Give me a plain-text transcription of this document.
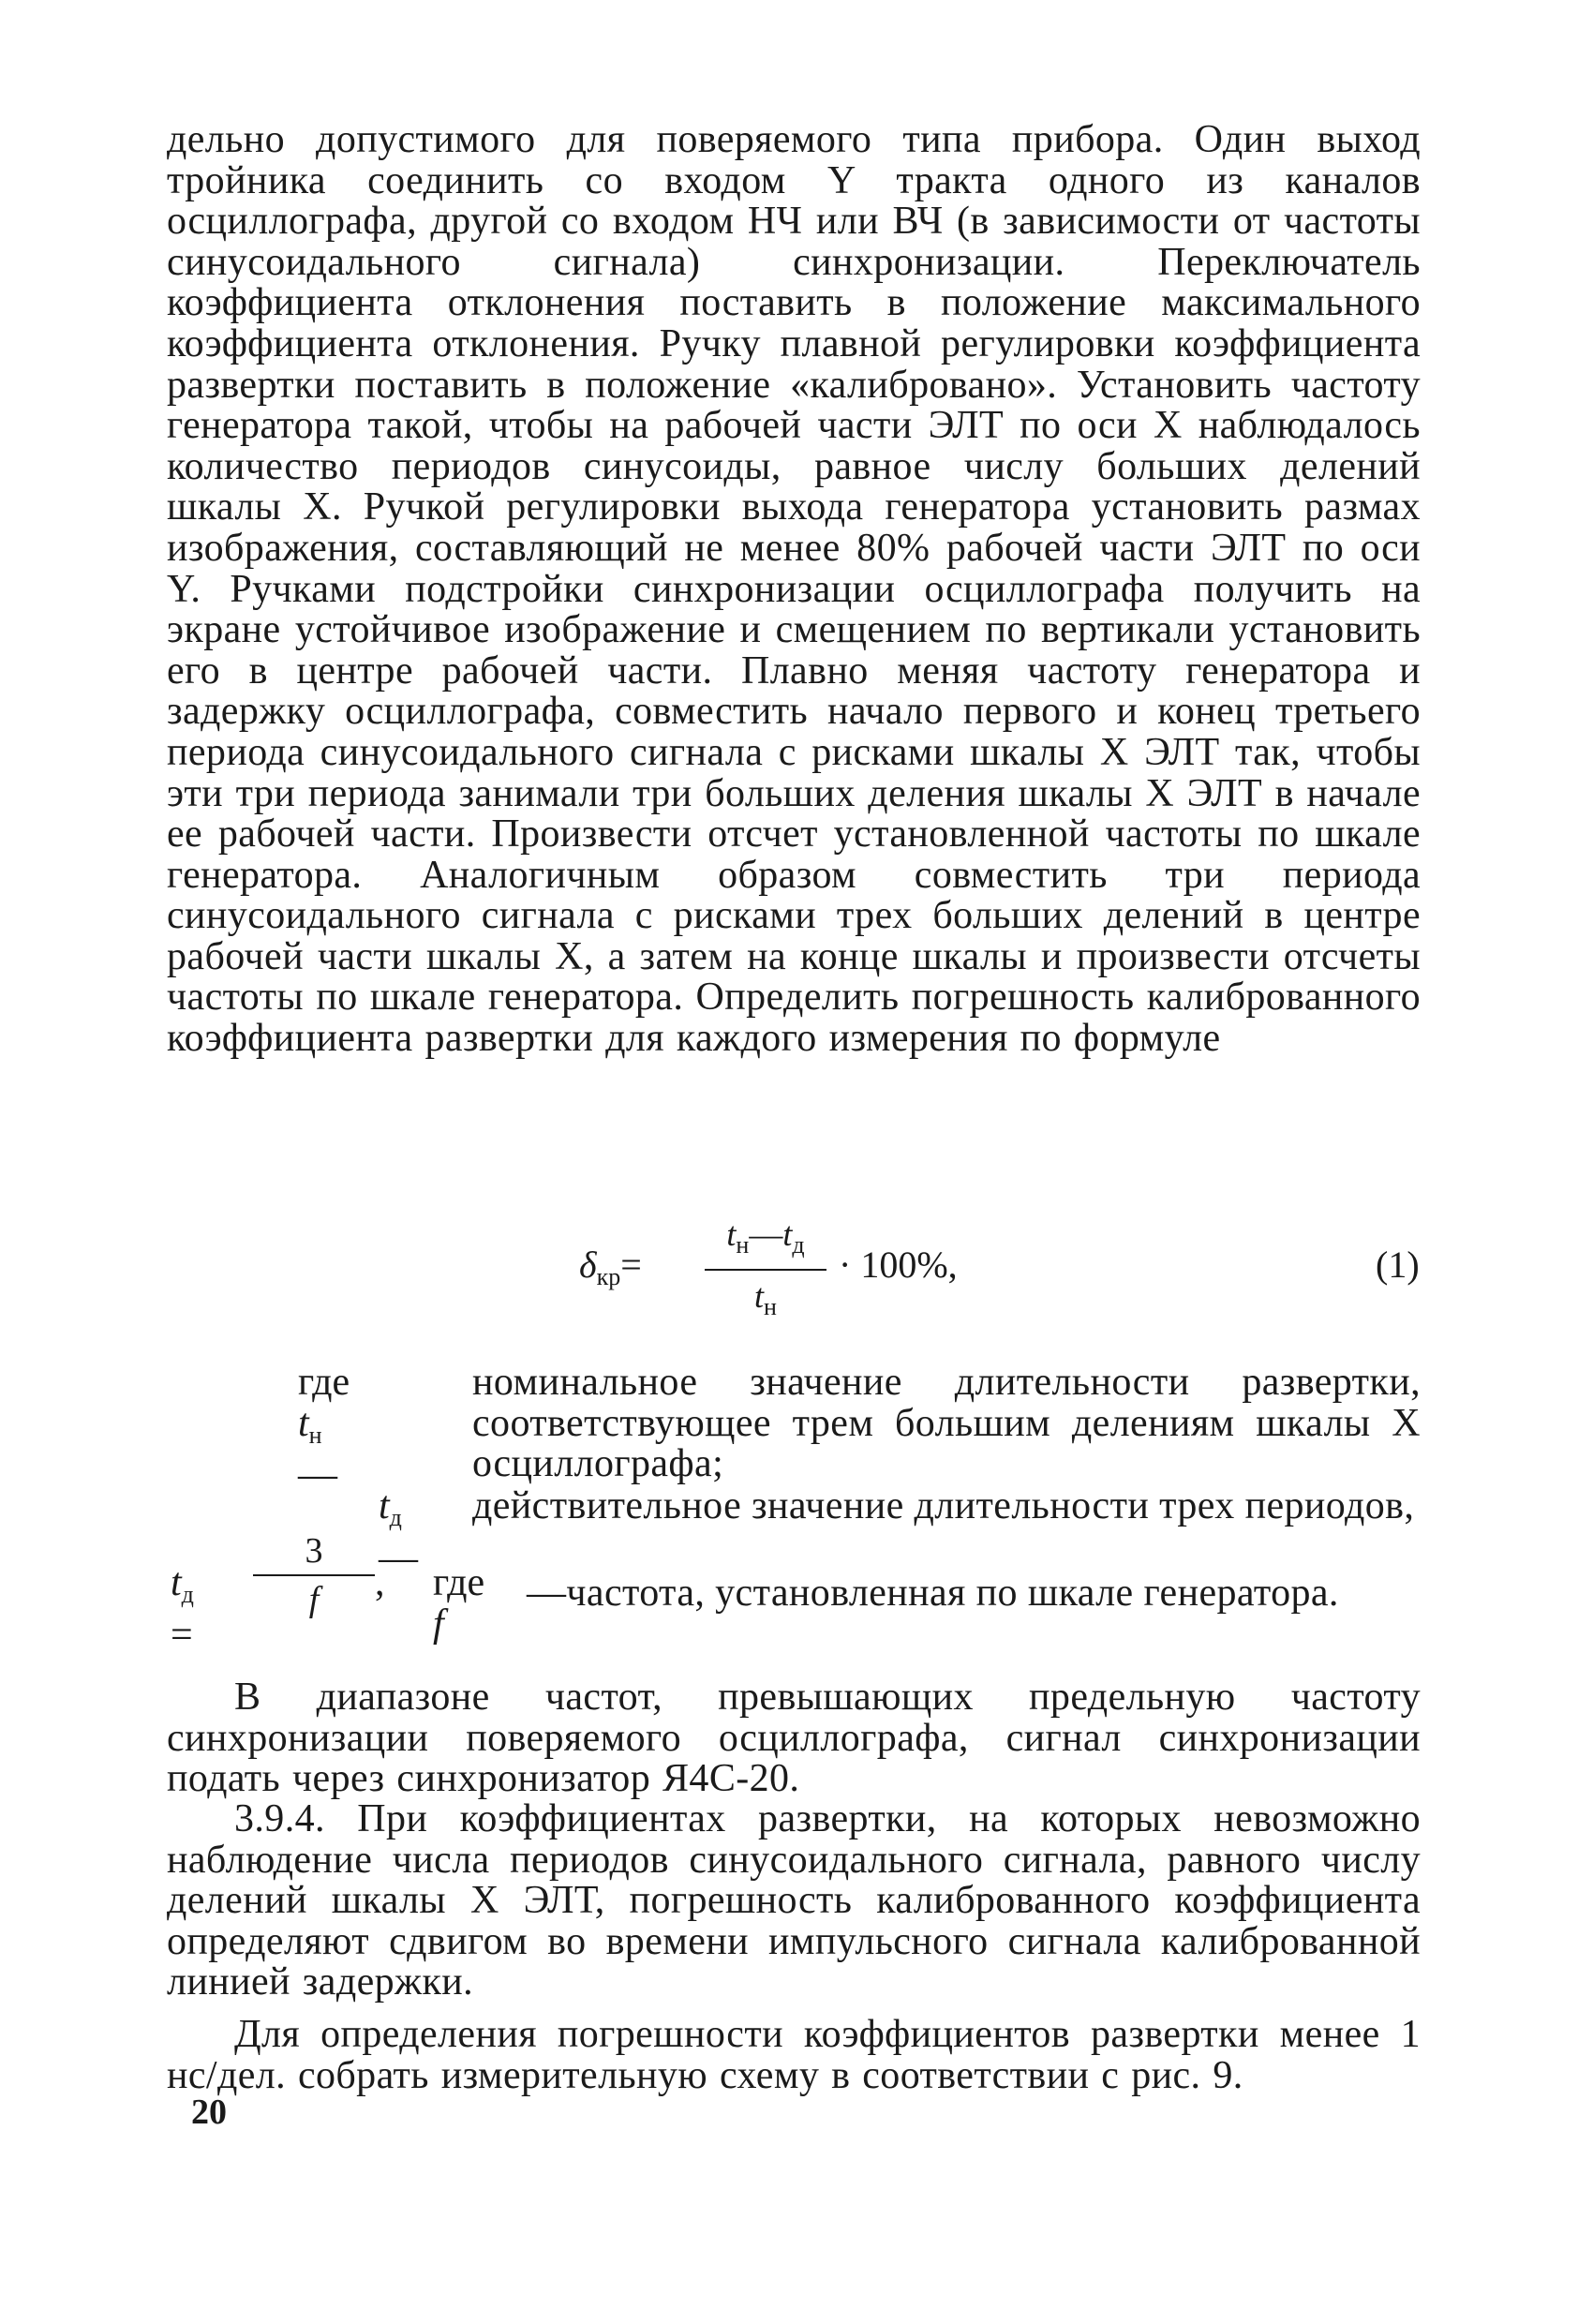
дельно допустимого для поверяемого типа прибора. Один выход тройника соединить со входом Y тракта одного из каналов осциллографа, другой со входом НЧ или ВЧ (в зависимости от частоты синусоидального сигнала) синхронизации. Переключатель коэффициента отклонения поставить в положение максимального коэффициента отклонения. Ручку плавной регулировки коэффициента развертки поставить в положение «калибровано». Установить частоту генератора такой, чтобы на рабочей части ЭЛТ по оси X наблюдалось количество периодов синусоиды, равное числу больших делений шкалы X. Ручкой регулировки выхода генератора установить размах изображения, составляющий не менее 80% рабочей части ЭЛТ по оси Y. Ручками подстройки синхронизации осциллографа получить на экране устойчивое изображение и смещением по вертикали установить его в центре рабочей части. Плавно меняя частоту генератора и задержку осциллографа, совместить начало первого и конец третьего периода синусоидального сигнала с рисками шкалы X ЭЛТ так, чтобы эти три периода занимали три больших деления шкалы X ЭЛТ в начале ее рабочей части. Произвести отсчет установленной частоты по шкале генератора. Аналогичным образом совместить три периода синусоидального сигнала с рисками трех больших делений в центре рабочей части шкалы X, а затем на конце шкалы и произвести отсчеты частоты по шкале генератора. Определить погрешность калиброванного коэффициента развертки для каждого измерения по формуле
$\delta_{кр}=$
$t_н—t_д$
$t_н$
· 100%,	(1)
где $t_н$ —
номинальное значение длительности развертки, соответствующее трем большим делениям шкалы X осциллографа;
$t_д$ —
действительное значение длительности трех периодов,
$t_д$ =
3
f	, где f
—частота, установленная по шкале генератора.
В диапазоне частот, превышающих предельную частоту синхронизации поверяемого осциллографа, сигнал синхронизации подать через синхронизатор Я4С-20.
3.9.4. При коэффициентах развертки, на которых невозможно наблюдение числа периодов синусоидального сигнала, равного числу делений шкалы X ЭЛТ, погрешность калиброванного коэффициента определяют сдвигом во времени импульсного сигнала калиброванной линией задержки.
Для определения погрешности коэффициентов развертки менее 1 нс/дел. собрать измерительную схему в соответствии с рис. 9.
20
